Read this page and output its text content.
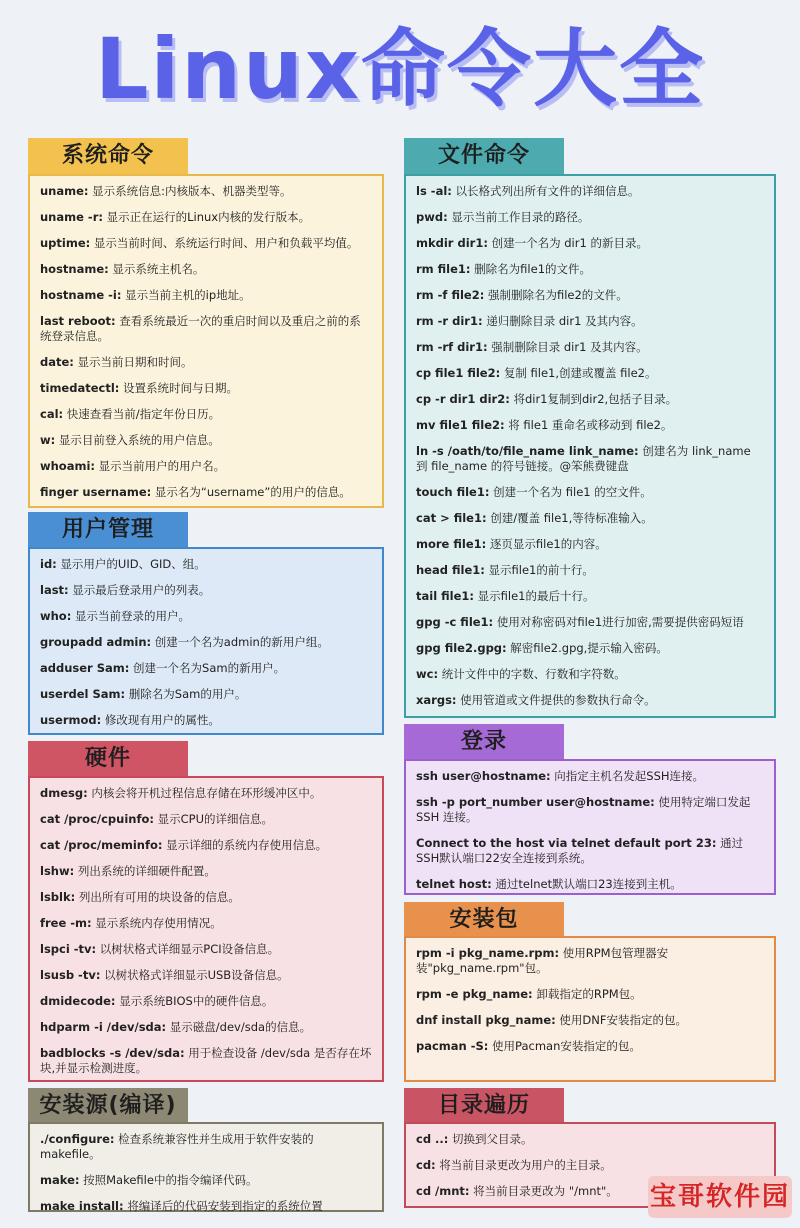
Linux命令大全
系统命令
uname: 显示系统信息:内核版本、机器类型等。
uname -r: 显示正在运行的Linux内核的发行版本。
uptime: 显示当前时间、系统运行时间、用户和负载平均值。
hostname: 显示系统主机名。
hostname -i: 显示当前主机的ip地址。
last reboot: 查看系统最近一次的重启时间以及重启之前的系统登录信息。
date: 显示当前日期和时间。
timedatectl: 设置系统时间与日期。
cal: 快速查看当前/指定年份日历。
w: 显示目前登入系统的用户信息。
whoami: 显示当前用户的用户名。
finger username: 显示名为“username”的用户的信息。
用户管理
id: 显示用户的UID、GID、组。
last: 显示最后登录用户的列表。
who: 显示当前登录的用户。
groupadd admin: 创建一个名为admin的新用户组。
adduser Sam: 创建一个名为Sam的新用户。
userdel Sam: 删除名为Sam的用户。
usermod: 修改现有用户的属性。
硬件
dmesg: 内核会将开机过程信息存储在环形缓冲区中。
cat /proc/cpuinfo: 显示CPU的详细信息。
cat /proc/meminfo: 显示详细的系统内存使用信息。
lshw: 列出系统的详细硬件配置。
lsblk: 列出所有可用的块设备的信息。
free -m: 显示系统内存使用情况。
lspci -tv: 以树状格式详细显示PCI设备信息。
lsusb -tv: 以树状格式详细显示USB设备信息。
dmidecode: 显示系统BIOS中的硬件信息。
hdparm -i /dev/sda: 显示磁盘/dev/sda的信息。
badblocks -s /dev/sda: 用于检查设备 /dev/sda 是否存在坏块,并显示检测进度。
安装源(编译)
./configure: 检查系统兼容性并生成用于软件安装的makefile。
make: 按照Makefile中的指令编译代码。
make install: 将编译后的代码安装到指定的系统位置
文件命令
ls -al: 以长格式列出所有文件的详细信息。
pwd: 显示当前工作目录的路径。
mkdir dir1: 创建一个名为 dir1 的新目录。
rm file1: 删除名为file1的文件。
rm -f file2: 强制删除名为file2的文件。
rm -r dir1: 递归删除目录 dir1 及其内容。
rm -rf dir1: 强制删除目录 dir1 及其内容。
cp file1 file2: 复制 file1,创建或覆盖 file2。
cp -r dir1 dir2: 将dir1复制到dir2,包括子目录。
mv file1 file2: 将 file1 重命名或移动到 file2。
ln -s /oath/to/file_name link_name: 创建名为 link_name 到 file_name 的符号链接。@笨熊费键盘
touch file1: 创建一个名为 file1 的空文件。
cat > file1: 创建/覆盖 file1,等待标准输入。
more file1: 逐页显示file1的内容。
head file1: 显示file1的前十行。
tail file1: 显示file1的最后十行。
gpg -c file1: 使用对称密码对file1进行加密,需要提供密码短语
gpg file2.gpg: 解密file2.gpg,提示输入密码。
wc: 统计文件中的字数、行数和字符数。
xargs: 使用管道或文件提供的参数执行命令。
登录
ssh user@hostname: 向指定主机名发起SSH连接。
ssh -p port_number user@hostname: 使用特定端口发起 SSH 连接。
Connect to the host via telnet default port 23: 通过SSH默认端口22安全连接到系统。
telnet host: 通过telnet默认端口23连接到主机。
安装包
rpm -i pkg_name.rpm: 使用RPM包管理器安装"pkg_name.rpm"包。
rpm -e pkg_name: 卸载指定的RPM包。
dnf install pkg_name: 使用DNF安装指定的包。
pacman -S: 使用Pacman安装指定的包。
目录遍历
cd ..: 切换到父目录。
cd: 将当前目录更改为用户的主目录。
cd /mnt: 将当前目录更改为 "/mnt"。	宝哥软件园
